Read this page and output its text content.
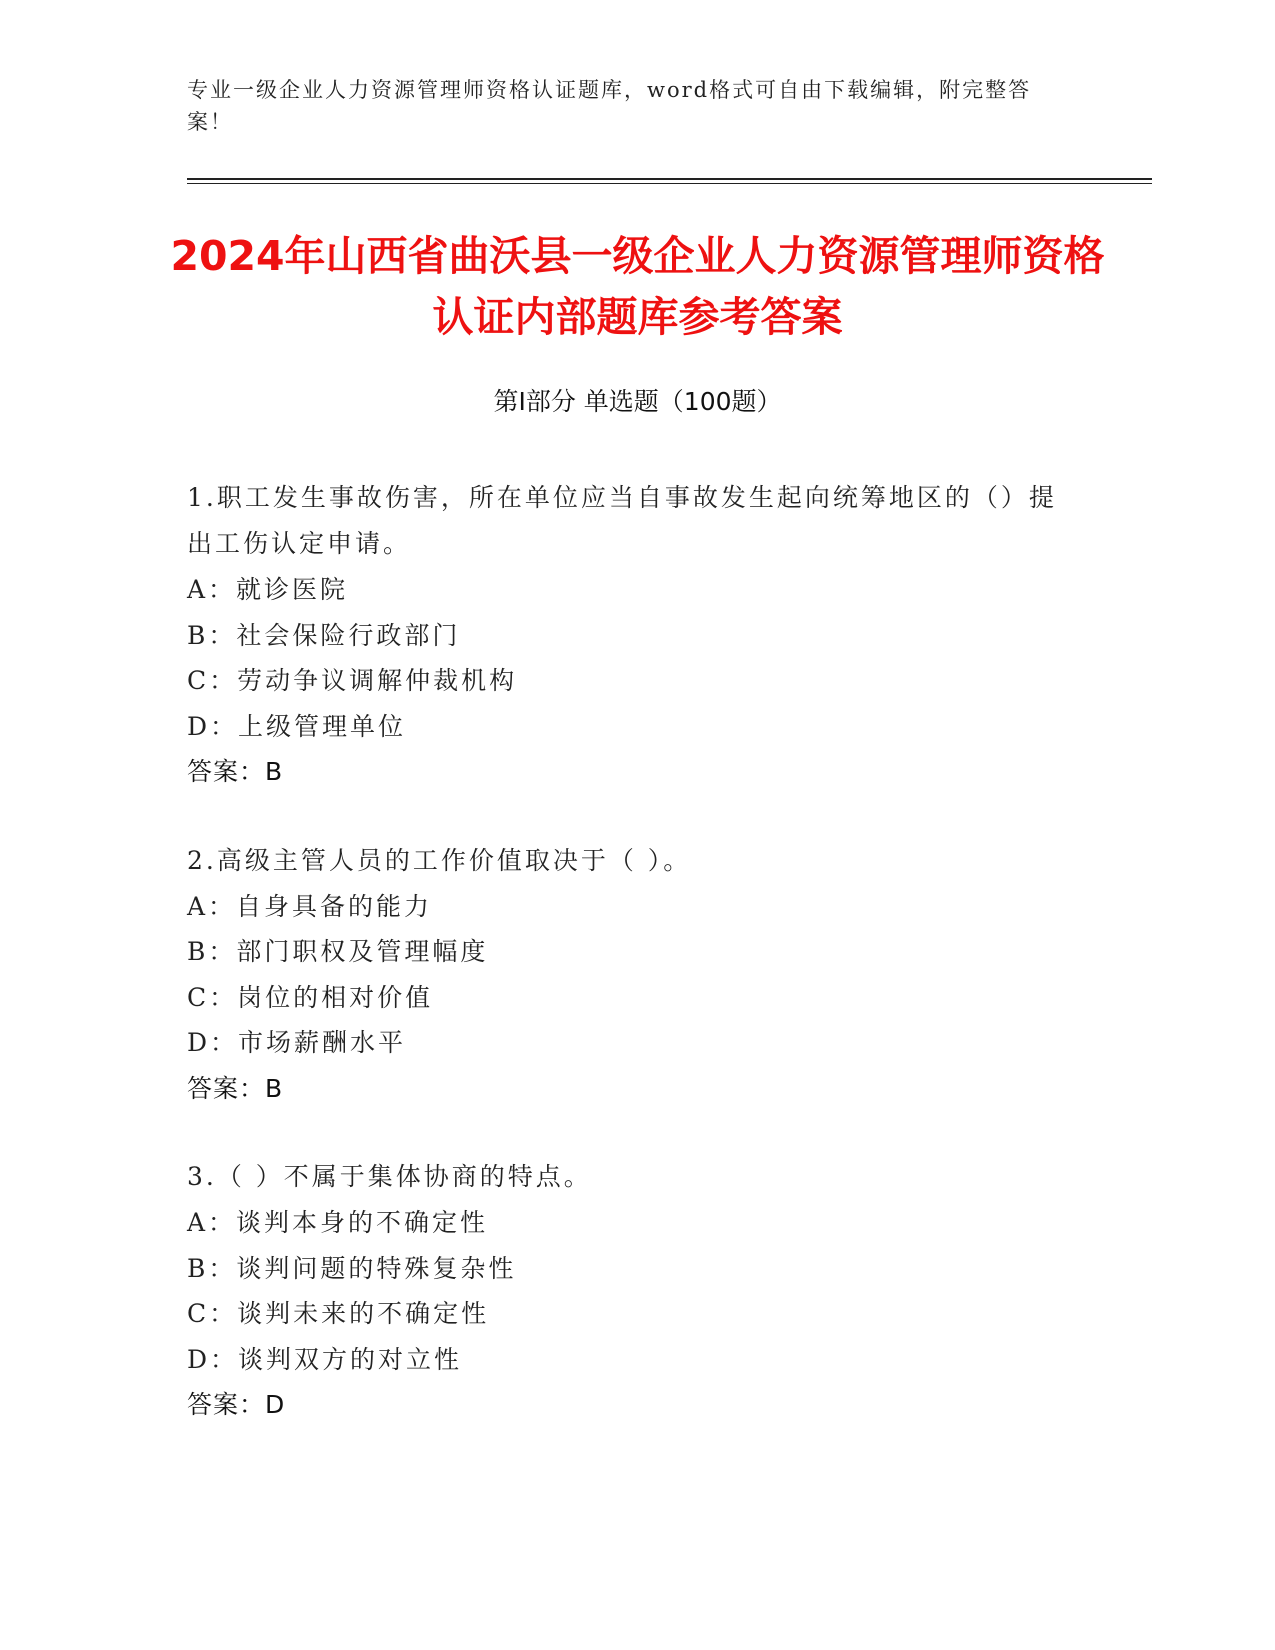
专业一级企业人力资源管理师资格认证题库，word格式可自由下载编辑，附完整答案！
2024年山西省曲沃县一级企业人力资源管理师资格认证内部题库参考答案
第Ⅰ部分 单选题（100题）
1.职工发生事故伤害，所在单位应当自事故发生起向统筹地区的（）提出工伤认定申请。
A：就诊医院
B：社会保险行政部门
C：劳动争议调解仲裁机构
D：上级管理单位
答案：B
2.高级主管人员的工作价值取决于（ ）。
A：自身具备的能力
B：部门职权及管理幅度
C：岗位的相对价值
D：市场薪酬水平
答案：B
3.（ ）不属于集体协商的特点。
A：谈判本身的不确定性
B：谈判问题的特殊复杂性
C：谈判未来的不确定性
D：谈判双方的对立性
答案：D
